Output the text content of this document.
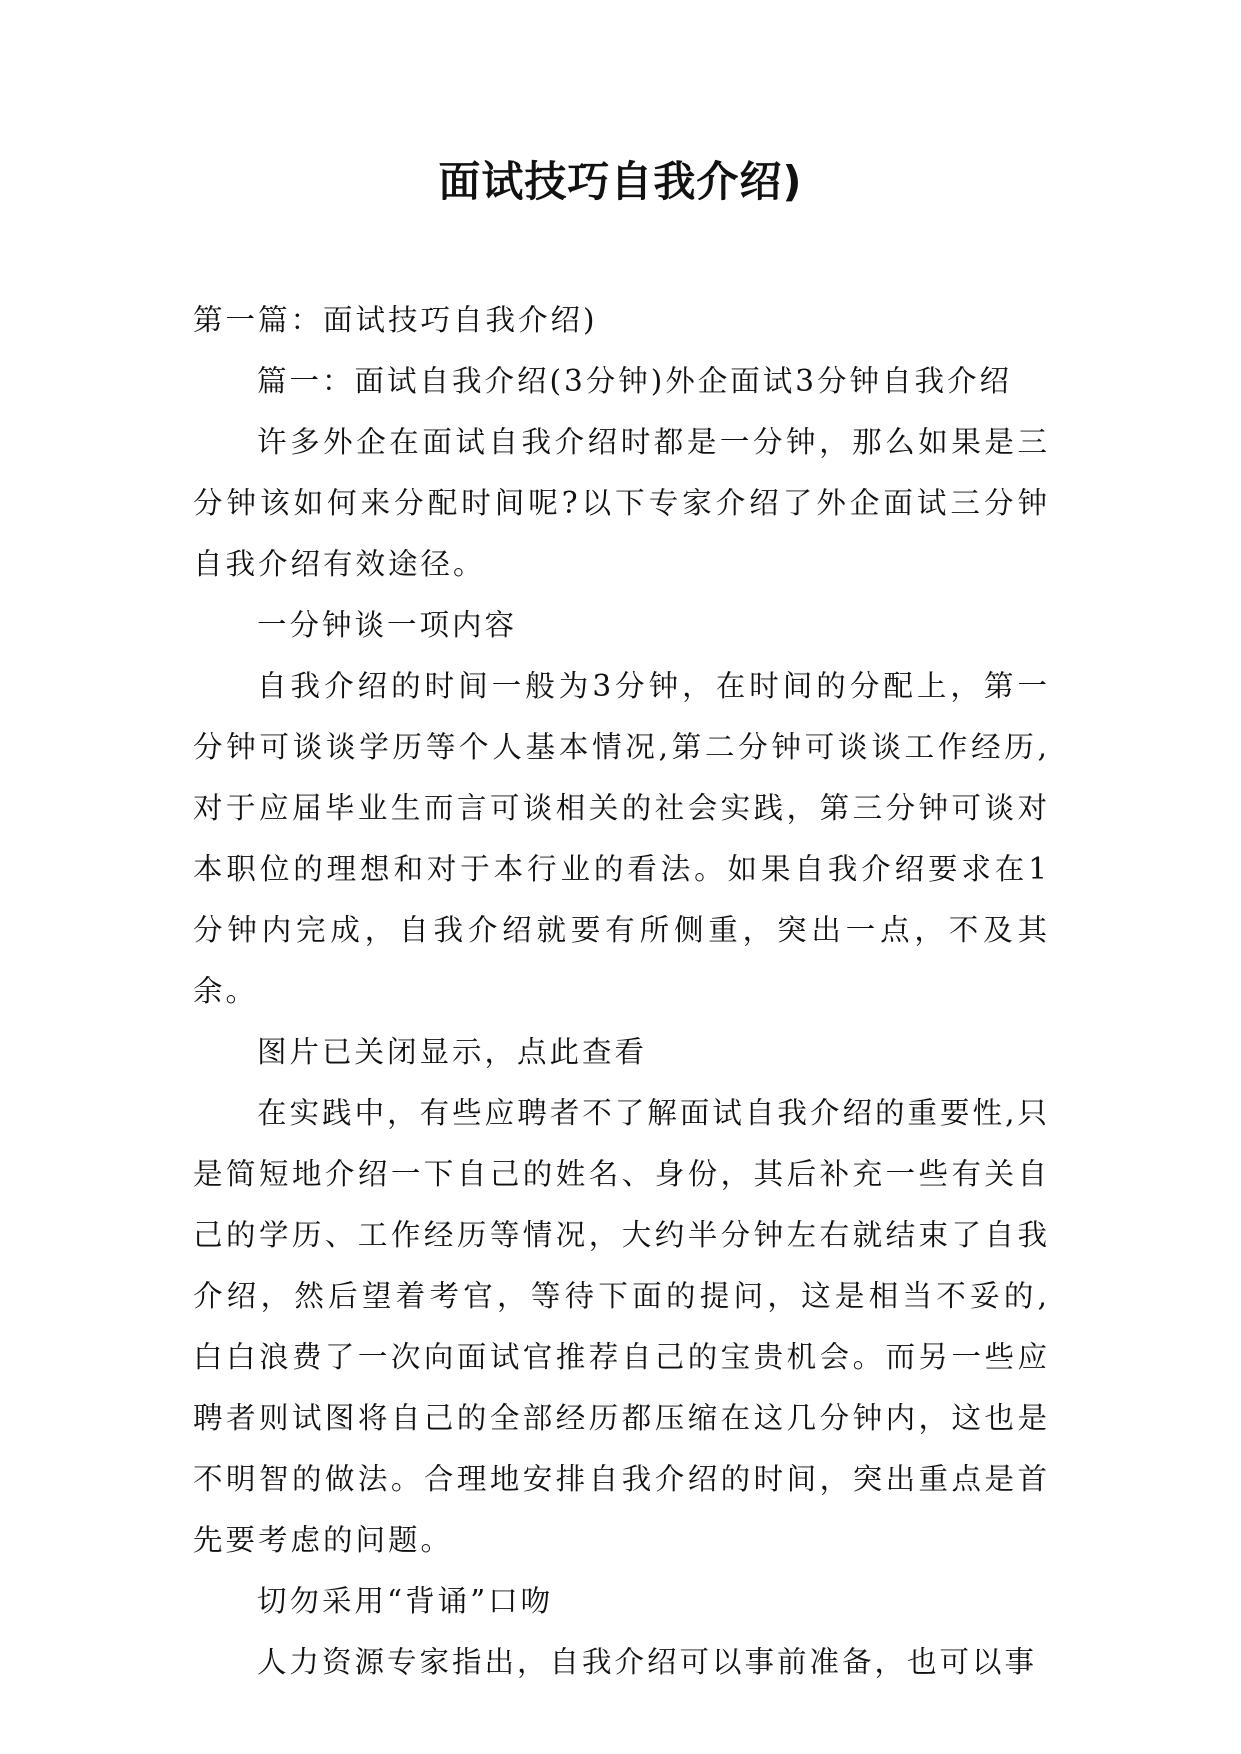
面试技巧自我介绍)

第一篇：面试技巧自我介绍)

篇一：面试自我介绍(3分钟)外企面试3分钟自我介绍

许多外企在面试自我介绍时都是一分钟，那么如果是三分钟该如何来分配时间呢?以下专家介绍了外企面试三分钟自我介绍有效途径。

一分钟谈一项内容

自我介绍的时间一般为3分钟，在时间的分配上，第一分钟可谈谈学历等个人基本情况,第二分钟可谈谈工作经历,对于应届毕业生而言可谈相关的社会实践，第三分钟可谈对本职位的理想和对于本行业的看法。如果自我介绍要求在1分钟内完成，自我介绍就要有所侧重，突出一点，不及其余。

图片已关闭显示，点此查看

在实践中，有些应聘者不了解面试自我介绍的重要性,只是简短地介绍一下自己的姓名、身份，其后补充一些有关自己的学历、工作经历等情况，大约半分钟左右就结束了自我介绍，然后望着考官，等待下面的提问，这是相当不妥的,白白浪费了一次向面试官推荐自己的宝贵机会。而另一些应聘者则试图将自己的全部经历都压缩在这几分钟内，这也是不明智的做法。合理地安排自我介绍的时间，突出重点是首先要考虑的问题。

切勿采用“背诵”口吻

人力资源专家指出，自我介绍可以事前准备，也可以事
